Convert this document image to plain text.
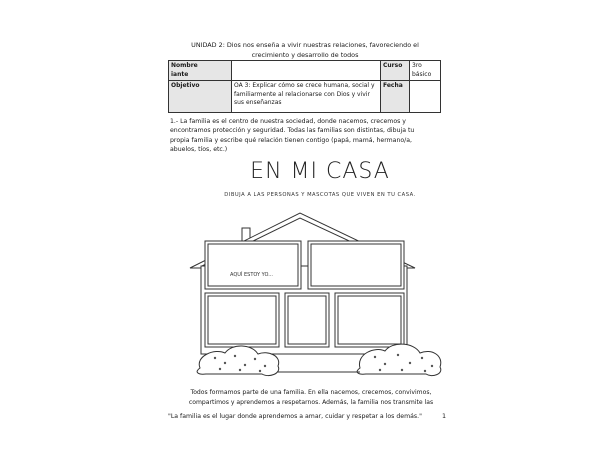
UNIDAD 2: Dios nos enseña a vivir nuestras relaciones, favoreciendo el
crecimiento y desarrollo de todos
Nombre
iante		Curso	3ro básico
Objetivo	OA 3: Explicar cómo se crece humana, social y
familiarmente al relacionarse con Dios y vivir
sus enseñanzas	Fecha	
1.- La familia es el centro de nuestra sociedad, donde nacemos, crecemos y
encontramos protección y seguridad. Todas las familias son distintas, dibuja tu
propia familia y escribe qué relación tienen contigo (papá, mamá, hermano/a,
abuelos, tíos, etc.)
EN MI CASA
DIBUJA A LAS PERSONAS Y MASCOTAS QUE VIVEN EN TU CASA.
AQUÍ ESTOY YO...
Todos formamos parte de una familia. En ella nacemos, crecemos, convivimos,
compartimos y aprendemos a respetarnos. Además, la familia nos transmite las
"La familia es el lugar donde aprendemos a amar, cuidar y respetar a los demás."	1
